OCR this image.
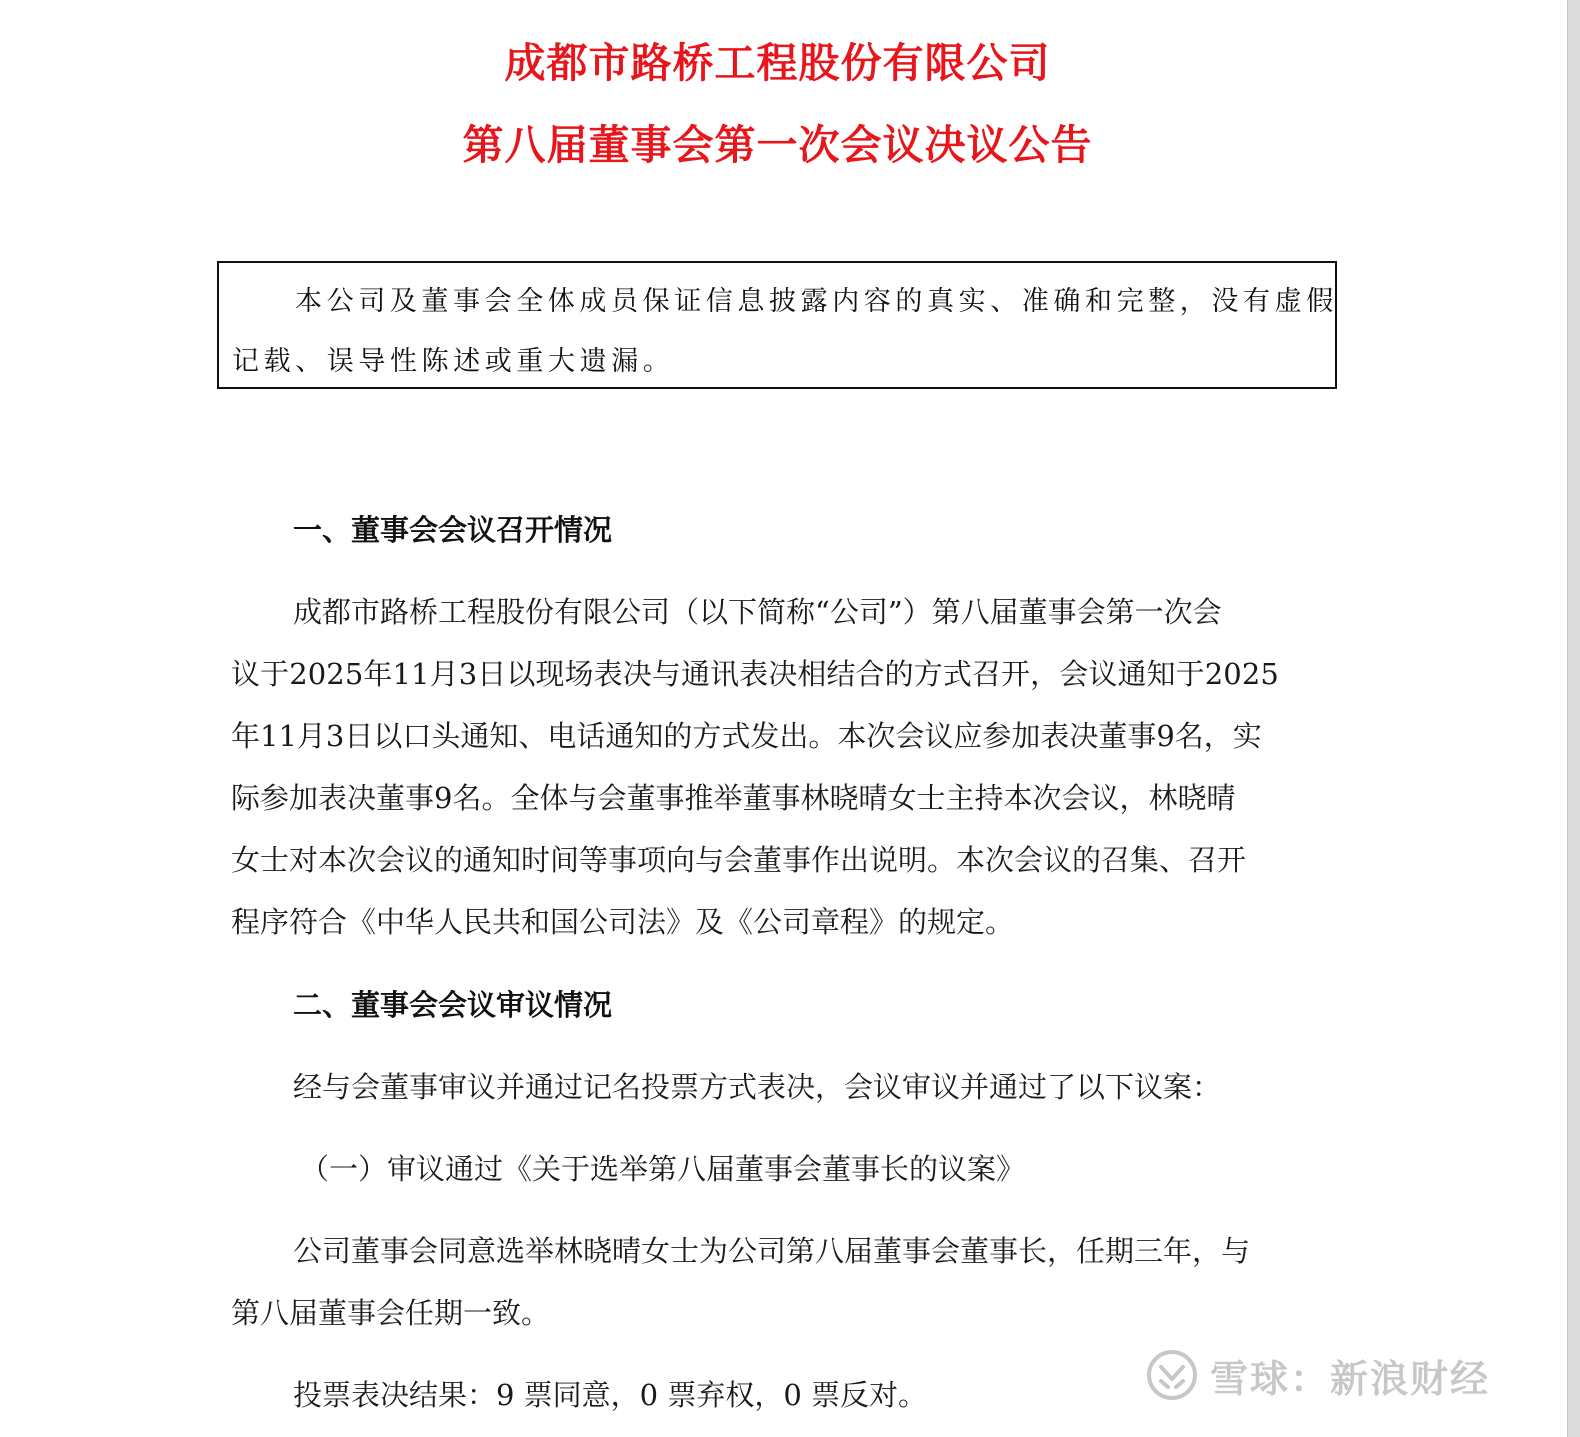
成都市路桥工程股份有限公司
第八届董事会第一次会议决议公告
本公司及董事会全体成员保证信息披露内容的真实、准确和完整，没有虚假
记载、误导性陈述或重大遗漏。
一、董事会会议召开情况
成都市路桥工程股份有限公司（以下简称“公司”）第八届董事会第一次会
议于2025年11月3日以现场表决与通讯表决相结合的方式召开，会议通知于2025
年11月3日以口头通知、电话通知的方式发出。本次会议应参加表决董事9名，实
际参加表决董事9名。全体与会董事推举董事林晓晴女士主持本次会议，林晓晴
女士对本次会议的通知时间等事项向与会董事作出说明。本次会议的召集、召开
程序符合《中华人民共和国公司法》及《公司章程》的规定。
二、董事会会议审议情况
经与会董事审议并通过记名投票方式表决，会议审议并通过了以下议案：
（一）审议通过《关于选举第八届董事会董事长的议案》
公司董事会同意选举林晓晴女士为公司第八届董事会董事长，任期三年，与
第八届董事会任期一致。
投票表决结果：9 票同意，0 票弃权，0 票反对。	雪球：新浪财经
